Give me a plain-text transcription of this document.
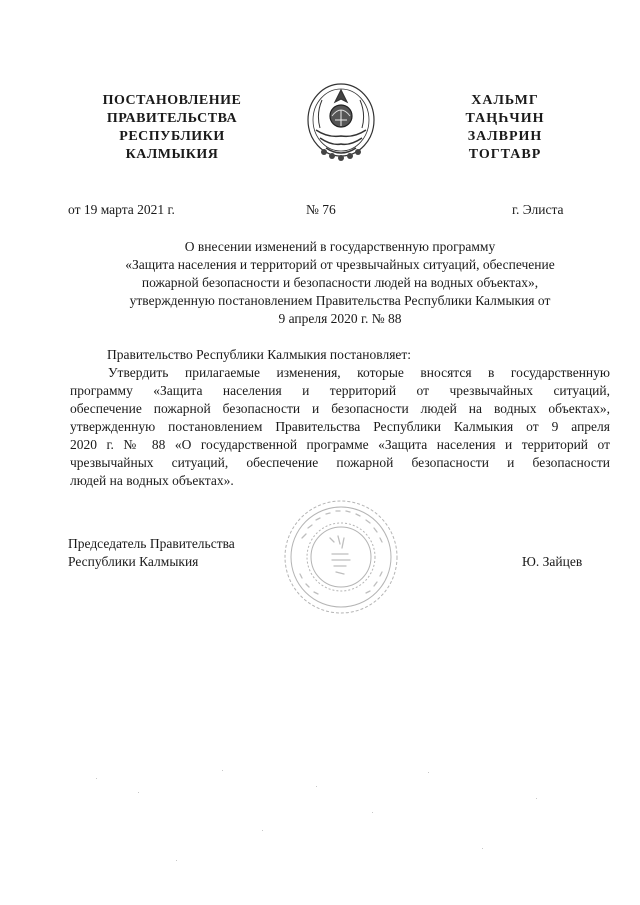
ПОСТАНОВЛЕНИЕ
ПРАВИТЕЛЬСТВА
РЕСПУБЛИКИ
КАЛМЫКИЯ
ХАЛЬМГ
ТАҢҺЧИН
ЗАЛВРИН
ТОГТАВР
от 19 марта 2021 г.	№ 76	г. Элиста
О внесении изменений в государственную программу
«Защита населения и территорий от чрезвычайных ситуаций, обеспечение
пожарной безопасности и безопасности людей на водных объектах»,
утвержденную постановлением Правительства Республики Калмыкия от
9 апреля 2020 г. № 88
Правительство Республики Калмыкия постановляет:
Утвердить прилагаемые изменения, которые вносятся в государственную
программу «Защита населения и территорий от чрезвычайных ситуаций,
обеспечение пожарной безопасности и безопасности людей на водных объектах»,
утвержденную постановлением Правительства Республики Калмыкия от 9 апреля
2020 г. № 88 «О государственной программе «Защита населения и территорий от
чрезвычайных ситуаций, обеспечение пожарной безопасности и безопасности
людей на водных объектах».
Председатель Правительства
Республики Калмыкия	Ю. Зайцев
